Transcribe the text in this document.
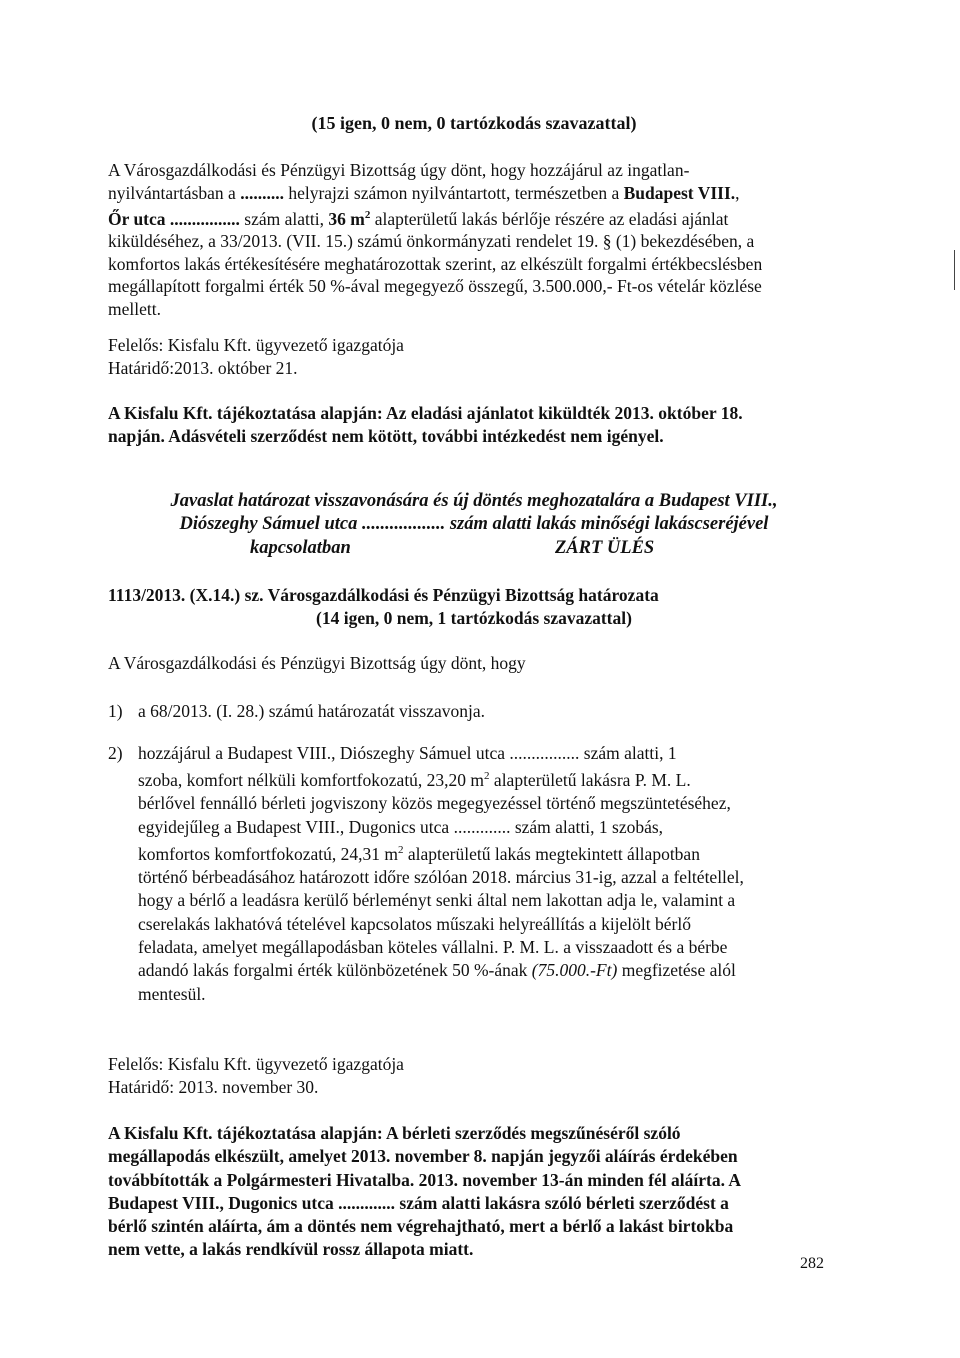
(15 igen, 0 nem, 0 tartózkodás szavazattal)

A Városgazdálkodási és Pénzügyi Bizottság úgy dönt, hogy hozzájárul az ingatlan-

nyilvántartásban a .......... helyrajzi számon nyilvántartott, természetben a Budapest VIII.,

Őr utca ................ szám alatti, 36 $m^2$ alapterületű lakás bérlője részére az eladási ajánlat

kiküldéséhez, a 33/2013. (VII. 15.) számú önkormányzati rendelet 19. § (1) bekezdésében, a

komfortos lakás értékesítésére meghatározottak szerint, az elkészült forgalmi értékbecslésben

megállapított forgalmi érték 50 %-ával megegyező összegű, 3.500.000,- Ft-os vételár közlése

mellett.

Felelős: Kisfalu Kft. ügyvezető igazgatója

Határidő:2013. október 21.

A Kisfalu Kft. tájékoztatása alapján: Az eladási ajánlatot kiküldték 2013. október 18.

napján. Adásvételi szerződést nem kötött, további intézkedést nem igényel.

Javaslat határozat visszavonására és új döntés meghozatalára a Budapest VIII.,

Diószeghy Sámuel utca .................. szám alatti lakás minőségi lakáscseréjével

kapcsolatban	ZÁRT ÜLÉS

1113/2013. (X.14.) sz. Városgazdálkodási és Pénzügyi Bizottság határozata

(14 igen, 0 nem, 1 tartózkodás szavazattal)

A Városgazdálkodási és Pénzügyi Bizottság úgy dönt, hogy
1) a 68/2013. (I. 28.) számú határozatát visszavonja.
2) hozzájárul a Budapest VIII., Diószeghy Sámuel utca ................ szám alatti, 1

szoba, komfort nélküli komfortfokozatú, 23,20 $m^2$ alapterületű lakásra P. M. L.

bérlővel fennálló bérleti jogviszony közös megegyezéssel történő megszüntetéséhez,

egyidejűleg a Budapest VIII., Dugonics utca ............. szám alatti, 1 szobás,

komfortos komfortfokozatú, 24,31 $m^2$ alapterületű lakás megtekintett állapotban

történő bérbeadásához határozott időre szólóan 2018. március 31-ig, azzal a feltétellel,

hogy a bérlő a leadásra kerülő bérleményt senki által nem lakottan adja le, valamint a

cserelakás lakhatóvá tételével kapcsolatos műszaki helyreállítás a kijelölt bérlő

feladata, amelyet megállapodásban köteles vállalni. P. M. L. a visszaadott és a bérbe

adandó lakás forgalmi érték különbözetének 50 %-ának (75.000.-Ft) megfizetése alól

mentesül.

Felelős: Kisfalu Kft. ügyvezető igazgatója

Határidő: 2013. november 30.

A Kisfalu Kft. tájékoztatása alapján: A bérleti szerződés megszűnéséről szóló

megállapodás elkészült, amelyet 2013. november 8. napján jegyzői aláírás érdekében

továbbították a Polgármesteri Hivatalba. 2013. november 13-án minden fél aláírta. A

Budapest VIII., Dugonics utca ............. szám alatti lakásra szóló bérleti szerződést a

bérlő szintén aláírta, ám a döntés nem végrehajtható, mert a bérlő a lakást birtokba

nem vette, a lakás rendkívül rossz állapota miatt.

282
